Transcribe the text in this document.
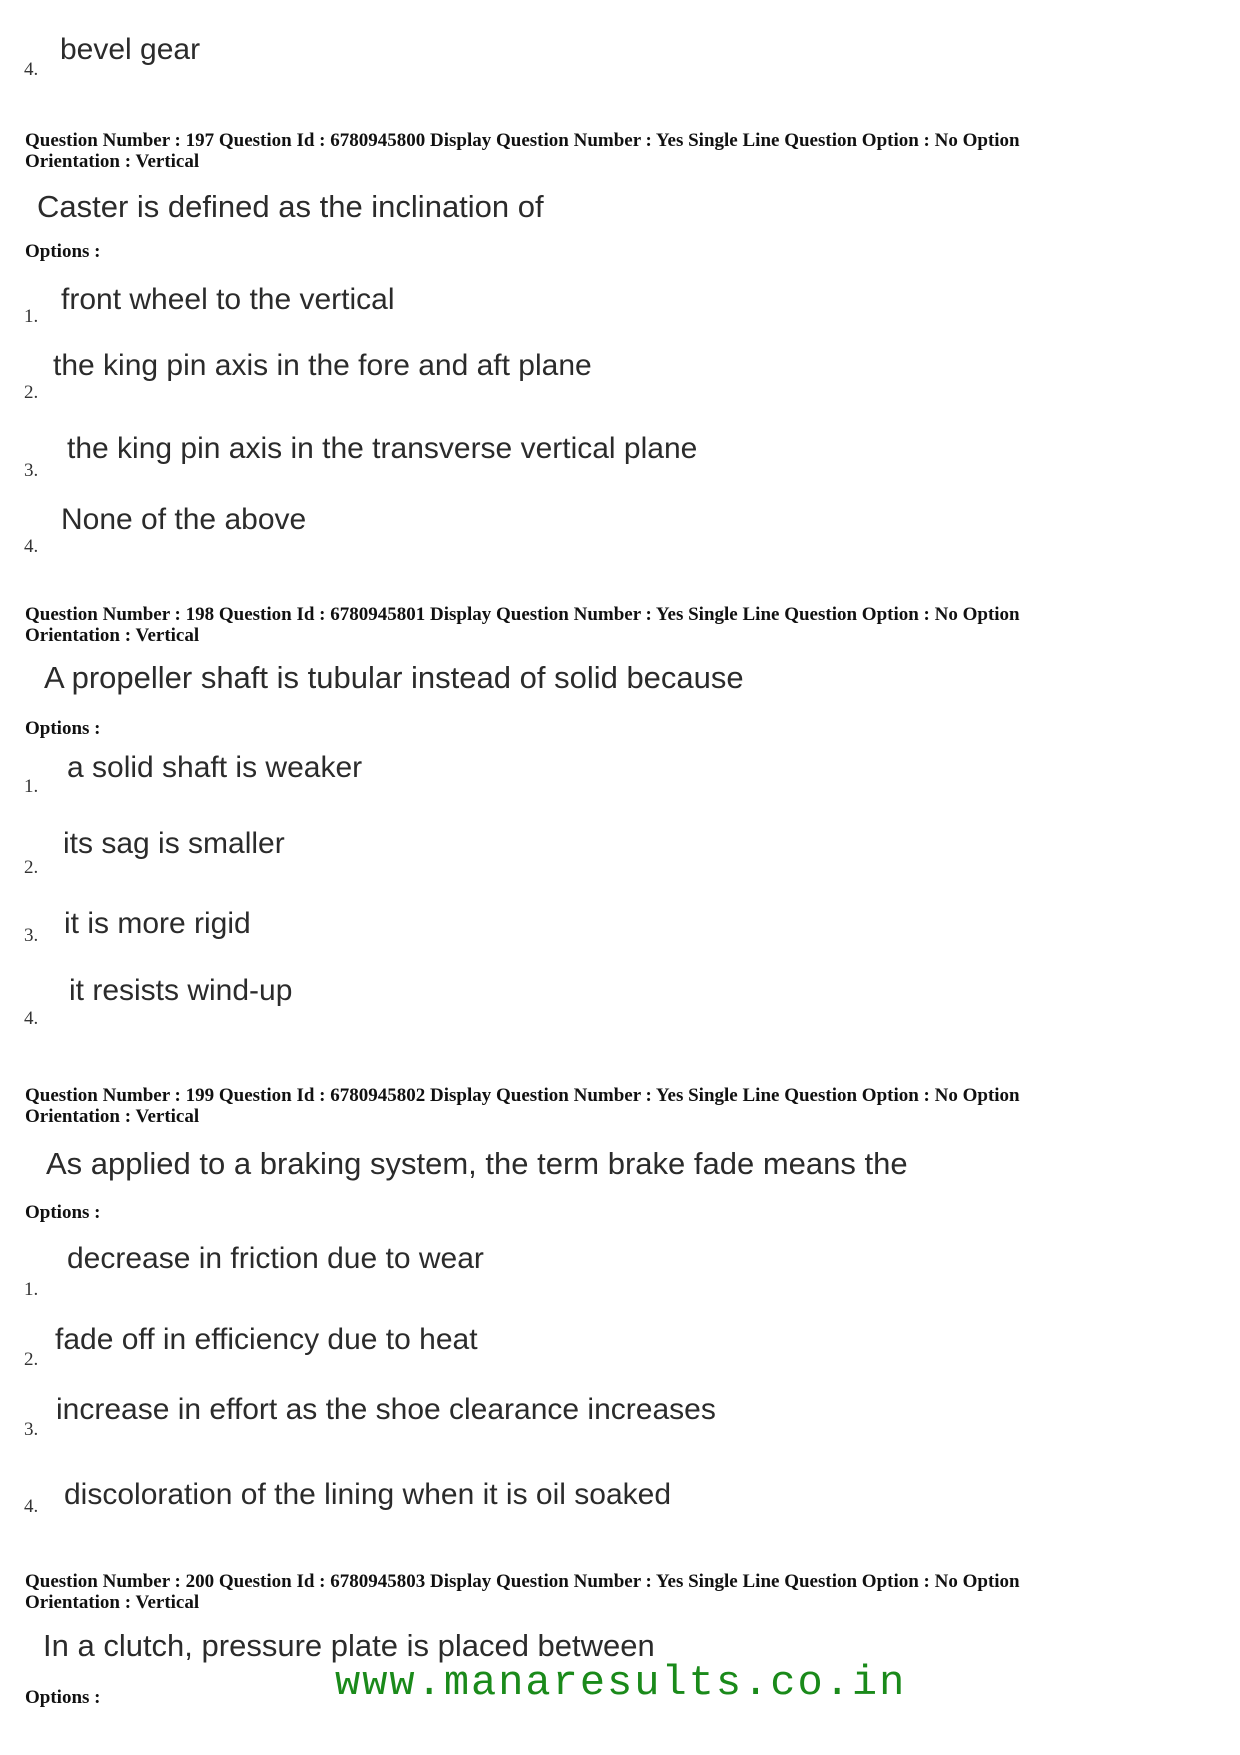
bevel gear
4.
Question Number : 197 Question Id : 6780945800 Display Question Number : Yes Single Line Question Option : No Option
Orientation : Vertical
Caster is defined as the inclination of
Options :
front wheel to the vertical
1.
the king pin axis in the fore and aft plane
2.
the king pin axis in the transverse vertical plane
3.
None of the above
4.
Question Number : 198 Question Id : 6780945801 Display Question Number : Yes Single Line Question Option : No Option
Orientation : Vertical
A propeller shaft is tubular instead of solid because
Options :
a solid shaft is weaker
1.
its sag is smaller
2.
it is more rigid
3.
it resists wind-up
4.
Question Number : 199 Question Id : 6780945802 Display Question Number : Yes Single Line Question Option : No Option
Orientation : Vertical
As applied to a braking system, the term brake fade means the
Options :
decrease in friction due to wear
1.
fade off in efficiency due to heat
2.
increase in effort as the shoe clearance increases
3.
discoloration of the lining when it is oil soaked
4.
Question Number : 200 Question Id : 6780945803 Display Question Number : Yes Single Line Question Option : No Option
Orientation : Vertical
In a clutch, pressure plate is placed between
Options :	www.manaresults.co.in
